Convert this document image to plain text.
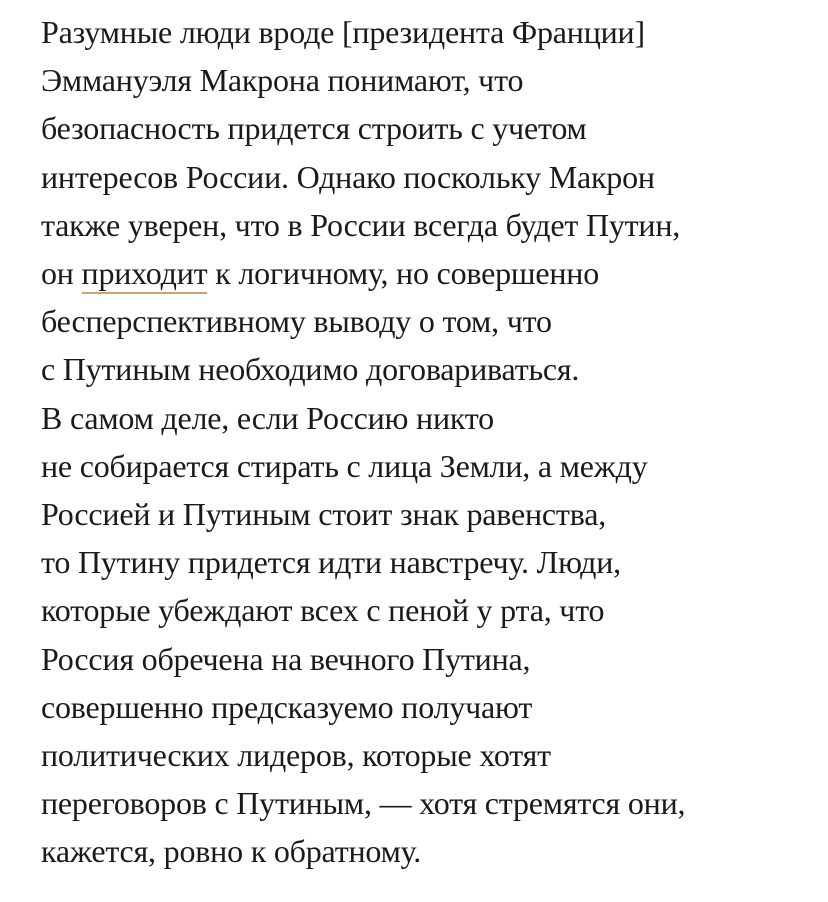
Разумные люди вроде [президента Франции]
Эммануэля Макрона понимают, что
безопасность придется строить с учетом
интересов России. Однако поскольку Макрон
также уверен, что в России всегда будет Путин,
он приходит к логичному, но совершенно
бесперспективному выводу о том, что
с Путиным необходимо договариваться.
В самом деле, если Россию никто
не собирается стирать с лица Земли, а между
Россией и Путиным стоит знак равенства,
то Путину придется идти навстречу. Люди,
которые убеждают всех с пеной у рта, что
Россия обречена на вечного Путина,
совершенно предсказуемо получают
политических лидеров, которые хотят
переговоров с Путиным, — хотя стремятся они,
кажется, ровно к обратному.
